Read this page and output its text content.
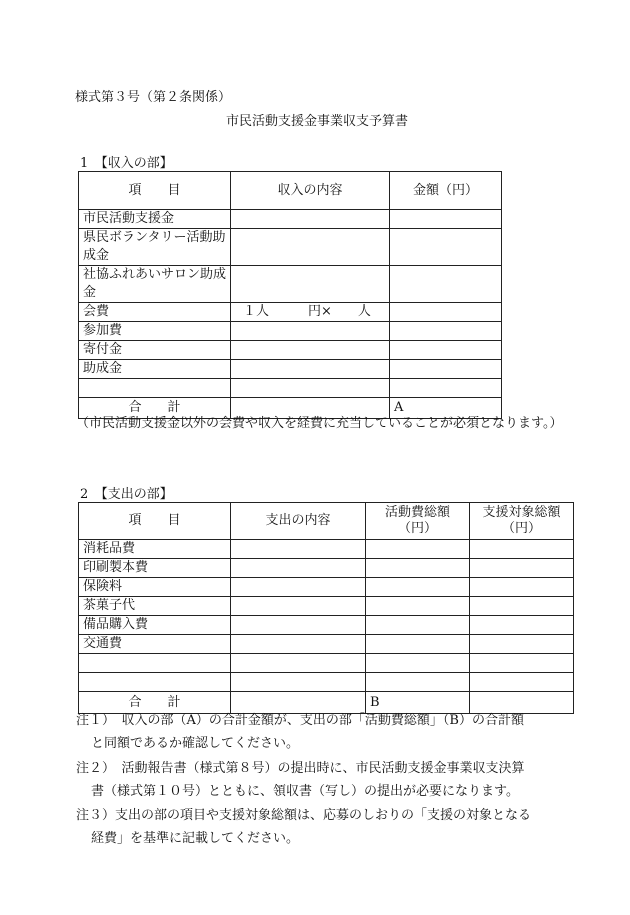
様式第３号（第２条関係）
市民活動支援金事業収支予算書
1　【収入の部】
項　　目	収入の内容	金額（円）
市民活動支援金		
県民ボランタリー活動助成金		
社協ふれあいサロン助成金		
会費	１人　　　円×　　人	
参加費		
寄付金		
助成金		

合　　計		A
（市民活動支援金以外の会費や収入を経費に充当していることが必須となります。）
2　【支出の部】
項　　目	支出の内容	活動費総額（円）	支援対象総額（円）
消耗品費			
印刷製本費			
保険料			
茶菓子代			
備品購入費			
交通費			

合　　計		B	
注１）　収入の部（A）の合計金額が、支出の部「活動費総額」（B）の合計額
と同額であるか確認してください。
注２）　活動報告書（様式第８号）の提出時に、市民活動支援金事業収支決算
書（様式第１０号）とともに、領収書（写し）の提出が必要になります。
注３）支出の部の項目や支援対象総額は、応募のしおりの「支援の対象となる
経費」を基準に記載してください。
